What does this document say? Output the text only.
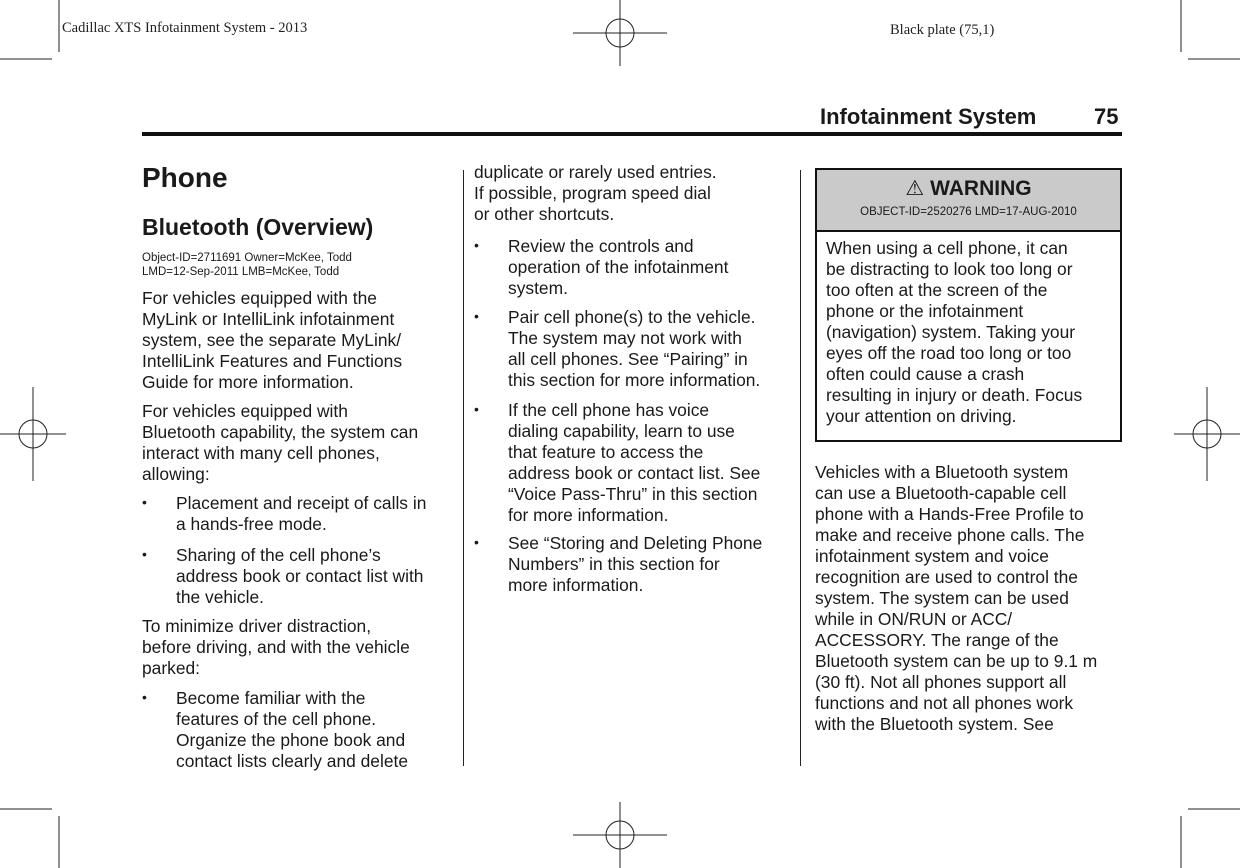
Cadillac XTS Infotainment System - 2013	Black plate (75,1)
Infotainment System	75
Phone
Bluetooth (Overview)
Object-ID=2711691 Owner=McKee, Todd
LMD=12-Sep-2011 LMB=McKee, Todd
For vehicles equipped with the
MyLink or IntelliLink infotainment
system, see the separate MyLink/
IntelliLink Features and Functions
Guide for more information.
For vehicles equipped with
Bluetooth capability, the system can
interact with many cell phones,
allowing:
• Placement and receipt of calls in
a hands-free mode.
• Sharing of the cell phone’s
address book or contact list with
the vehicle.
To minimize driver distraction,
before driving, and with the vehicle
parked:
• Become familiar with the
features of the cell phone.
Organize the phone book and
contact lists clearly and delete
duplicate or rarely used entries.
If possible, program speed dial
or other shortcuts.
• Review the controls and
operation of the infotainment
system.
• Pair cell phone(s) to the vehicle.
The system may not work with
all cell phones. See “Pairing” in
this section for more information.
• If the cell phone has voice
dialing capability, learn to use
that feature to access the
address book or contact list. See
“Voice Pass-Thru” in this section
for more information.
• See “Storing and Deleting Phone
Numbers” in this section for
more information.
⚠ WARNING
OBJECT-ID=2520276 LMD=17-AUG-2010
When using a cell phone, it can
be distracting to look too long or
too often at the screen of the
phone or the infotainment
(navigation) system. Taking your
eyes off the road too long or too
often could cause a crash
resulting in injury or death. Focus
your attention on driving.
Vehicles with a Bluetooth system
can use a Bluetooth-capable cell
phone with a Hands-Free Profile to
make and receive phone calls. The
infotainment system and voice
recognition are used to control the
system. The system can be used
while in ON/RUN or ACC/
ACCESSORY. The range of the
Bluetooth system can be up to 9.1 m
(30 ft). Not all phones support all
functions and not all phones work
with the Bluetooth system. See
